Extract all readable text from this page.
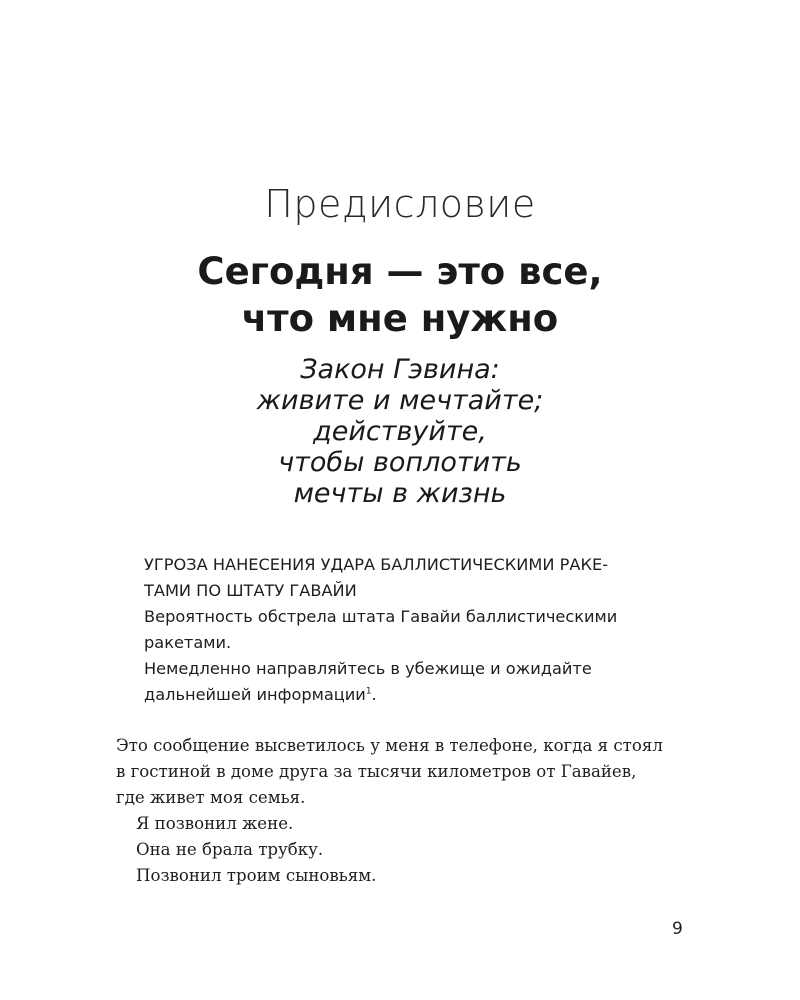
Предисловие
Сегодня — это все,
что мне нужно
Закон Гэвина:
живите и мечтайте;
действуйте,
чтобы воплотить
мечты в жизнь
УГРОЗА НАНЕСЕНИЯ УДАРА БАЛЛИСТИЧЕСКИМИ РАКЕ-
ТАМИ ПО ШТАТУ ГАВАЙИ
Вероятность обстрела штата Гавайи баллистическими
ракетами.
Немедленно направляйтесь в убежище и ожидайте
дальнейшей информации$^1$.
Это сообщение высветилось у меня в телефоне, когда я стоял
в гостиной в доме друга за тысячи километров от Гавайев,
где живет моя семья.
Я позвонил жене.
Она не брала трубку.
Позвонил троим сыновьям.
9
